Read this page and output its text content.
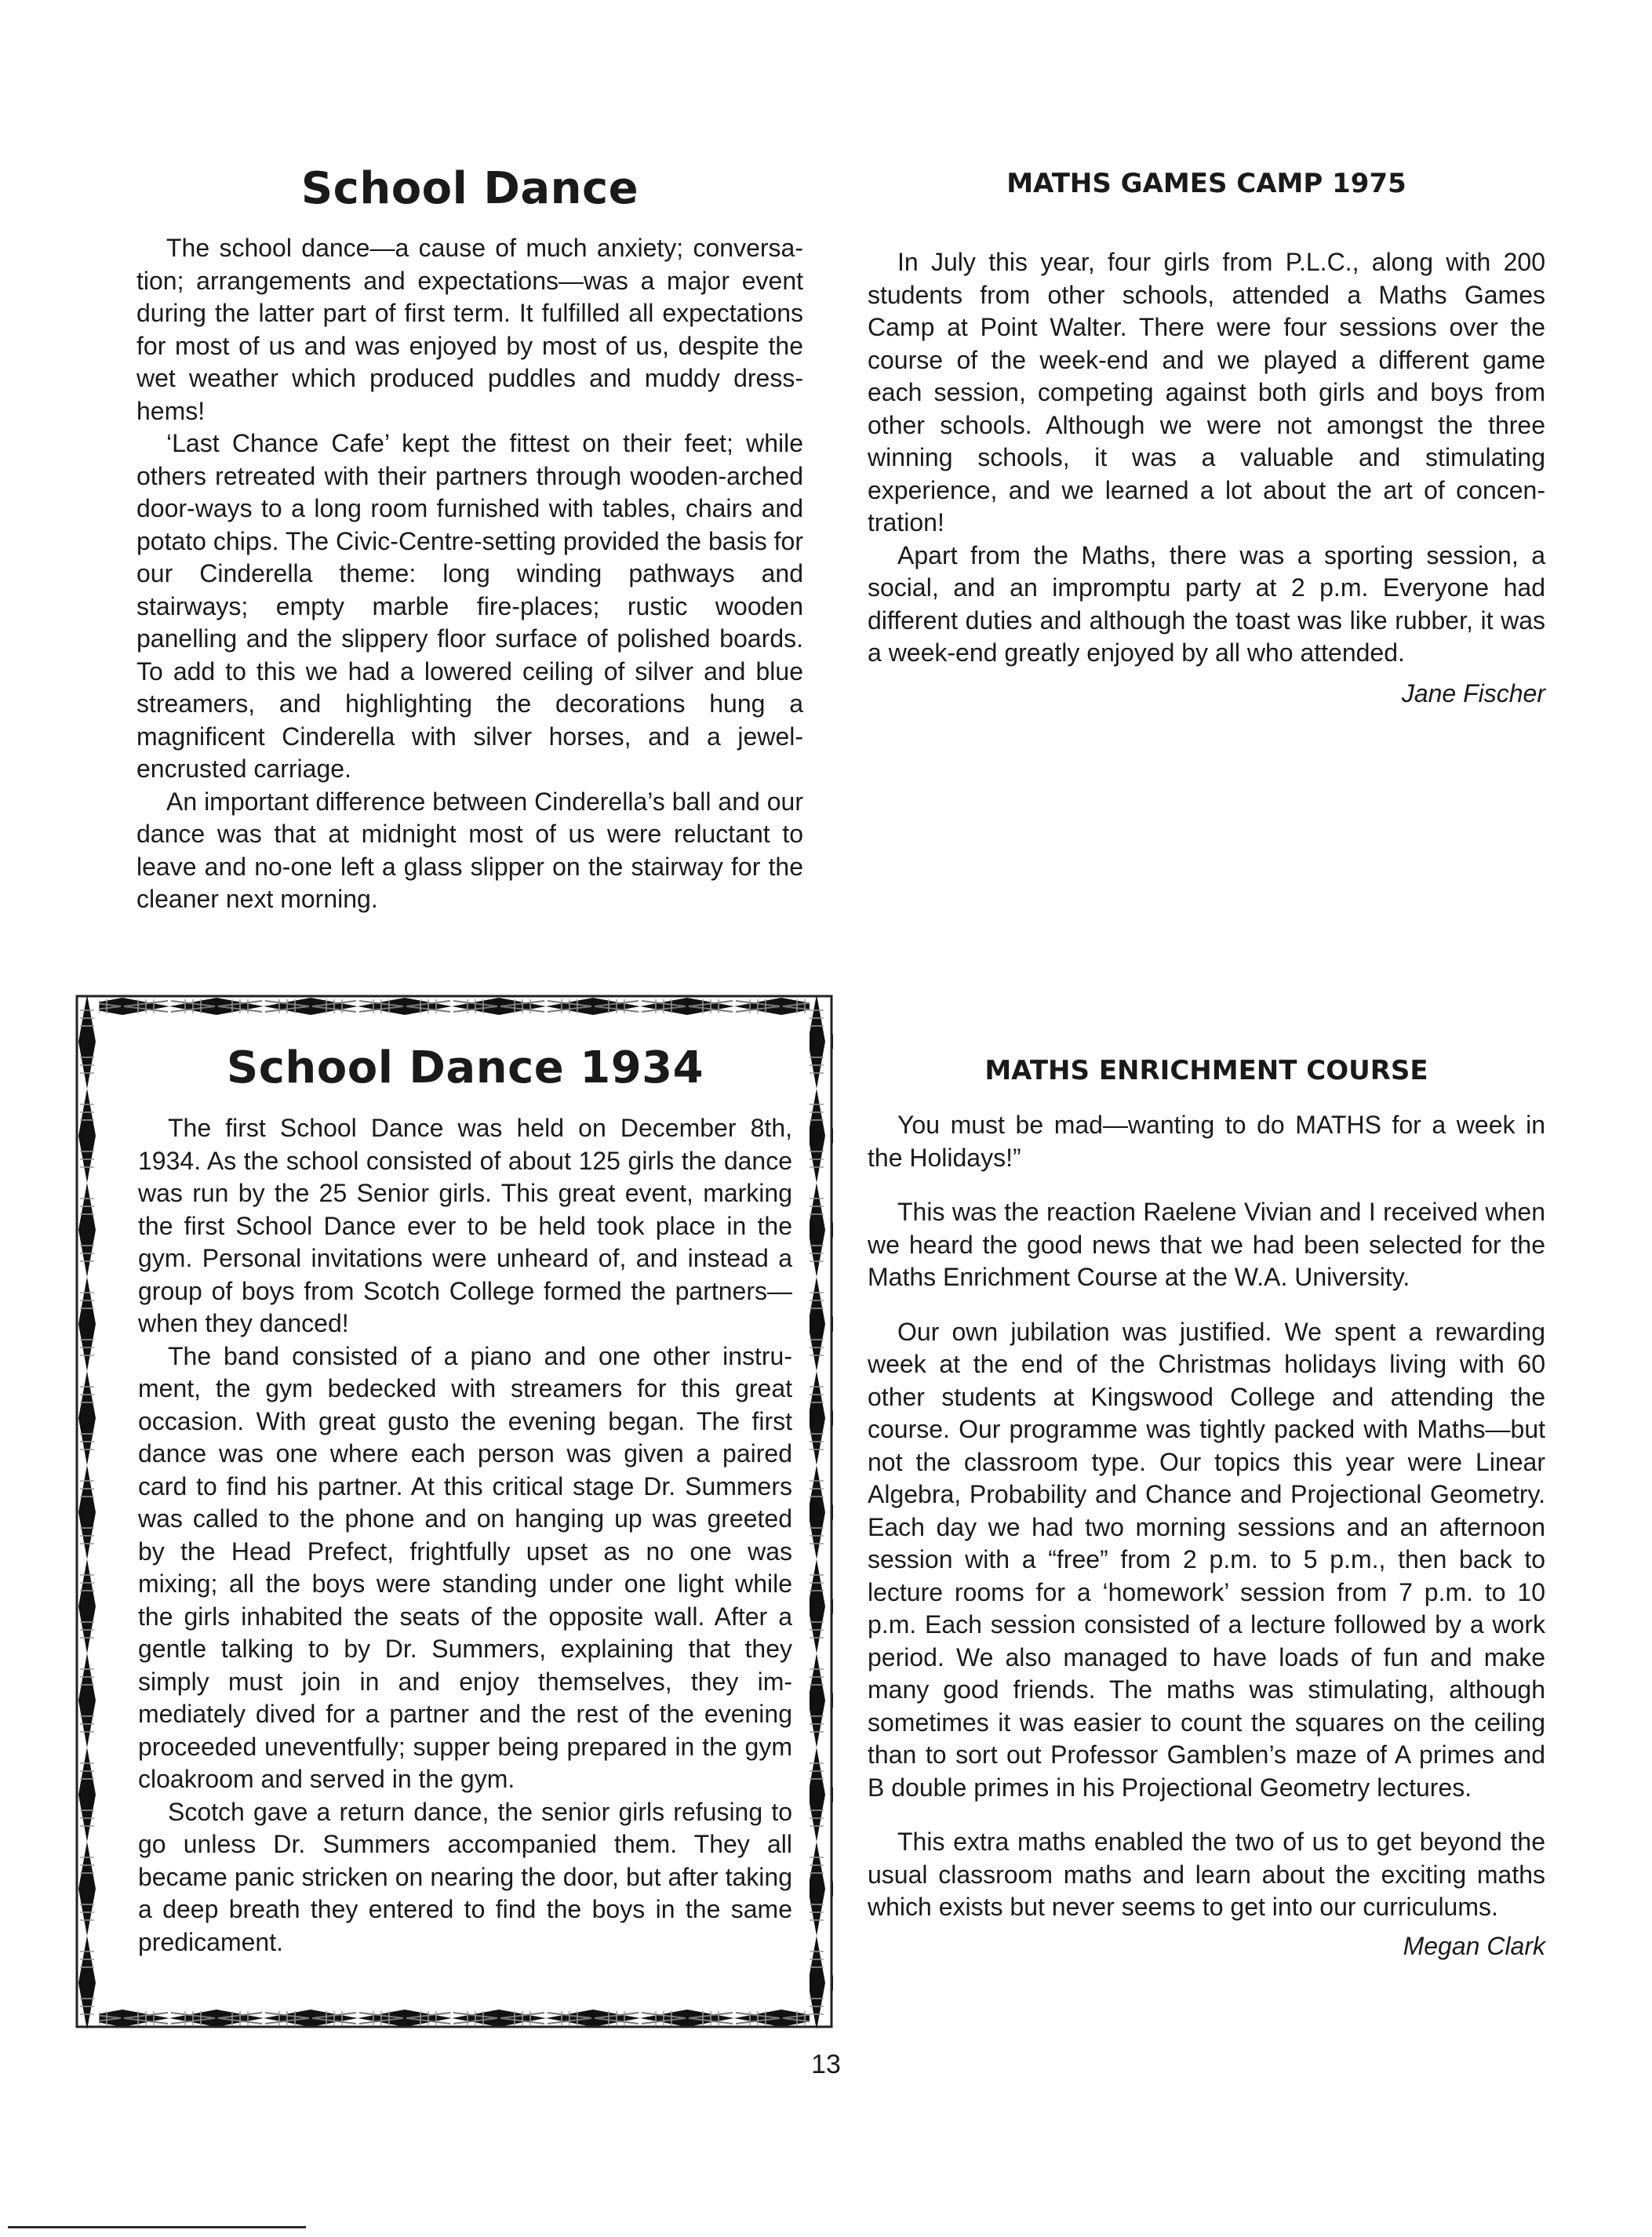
School Dance

The school dance—a cause of much anxiety; conversation; arrangements and expectations—was a major event during the latter part of first term. It fulfilled all expectations for most of us and was enjoyed by most of us, despite the wet weather which produced puddles and muddy dress-hems!

‘Last Chance Cafe’ kept the fittest on their feet; while others retreated with their partners through wooden-arched door-ways to a long room furnished with tables, chairs and potato chips. The Civic-Centre-setting provided the basis for our Cinderella theme: long winding pathways and stairways; empty marble fire-places; rustic wooden panelling and the slippery floor surface of polished boards. To add to this we had a lowered ceiling of silver and blue streamers, and highlighting the decorations hung a magnificent Cinderella with silver horses, and a jewel-encrusted carriage.

An important difference between Cinderella’s ball and our dance was that at midnight most of us were reluctant to leave and no-one left a glass slipper on the stairway for the cleaner next morning.

MATHS GAMES CAMP 1975

In July this year, four girls from P.L.C., along with 200 students from other schools, attended a Maths Games Camp at Point Walter. There were four sessions over the course of the week-end and we played a different game each session, competing against both girls and boys from other schools. Although we were not amongst the three winning schools, it was a valuable and stimulating experience, and we learned a lot about the art of concentration!

Apart from the Maths, there was a sporting session, a social, and an impromptu party at 2 p.m. Everyone had different duties and although the toast was like rubber, it was a week-end greatly enjoyed by all who attended.

Jane Fischer

School Dance 1934

The first School Dance was held on December 8th, 1934. As the school consisted of about 125 girls the dance was run by the 25 Senior girls. This great event, marking the first School Dance ever to be held took place in the gym. Personal invitations were unheard of, and instead a group of boys from Scotch College formed the partners—when they danced!

The band consisted of a piano and one other instrument, the gym bedecked with streamers for this great occasion. With great gusto the evening began. The first dance was one where each person was given a paired card to find his partner. At this critical stage Dr. Summers was called to the phone and on hanging up was greeted by the Head Prefect, frightfully upset as no one was mixing; all the boys were standing under one light while the girls inhabited the seats of the opposite wall. After a gentle talking to by Dr. Summers, explaining that they simply must join in and enjoy themselves, they immediately dived for a partner and the rest of the evening proceeded uneventfully; supper being prepared in the gym cloakroom and served in the gym.

Scotch gave a return dance, the senior girls refusing to go unless Dr. Summers accompanied them. They all became panic stricken on nearing the door, but after taking a deep breath they entered to find the boys in the same predicament.

MATHS ENRICHMENT COURSE

You must be mad—wanting to do MATHS for a week in the Holidays!”

This was the reaction Raelene Vivian and I received when we heard the good news that we had been selected for the Maths Enrichment Course at the W.A. University.

Our own jubilation was justified. We spent a rewarding week at the end of the Christmas holidays living with 60 other students at Kingswood College and attending the course. Our programme was tightly packed with Maths—but not the classroom type. Our topics this year were Linear Algebra, Probability and Chance and Projectional Geometry. Each day we had two morning sessions and an afternoon session with a “free” from 2 p.m. to 5 p.m., then back to lecture rooms for a ‘homework’ session from 7 p.m. to 10 p.m. Each session consisted of a lecture followed by a work period. We also managed to have loads of fun and make many good friends. The maths was stimulating, although sometimes it was easier to count the squares on the ceiling than to sort out Professor Gamblen’s maze of A primes and B double primes in his Projectional Geometry lectures.

This extra maths enabled the two of us to get beyond the usual classroom maths and learn about the exciting maths which exists but never seems to get into our curriculums.

Megan Clark

13
